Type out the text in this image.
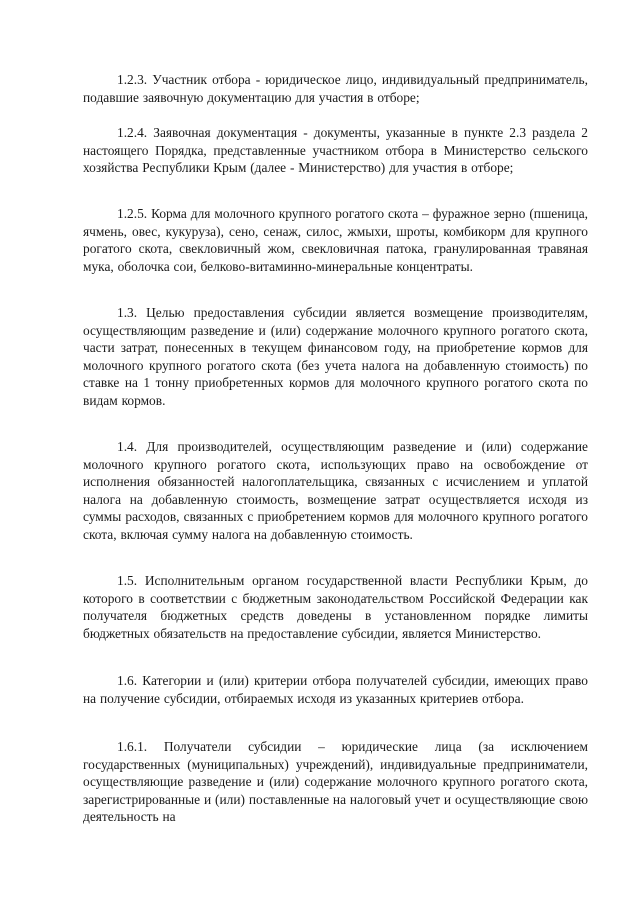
1.2.3. Участник отбора - юридическое лицо, индивидуальный предприниматель, подавшие заявочную документацию для участия в отборе;

1.2.4. Заявочная документация - документы, указанные в пункте 2.3 раздела 2 настоящего Порядка, представленные участником отбора в Министерство сельского хозяйства Республики Крым (далее - Министерство) для участия в отборе;

1.2.5. Корма для молочного крупного рогатого скота – фуражное зерно (пшеница, ячмень, овес, кукуруза), сено, сенаж, силос, жмыхи, шроты, комбикорм для крупного рогатого скота, свекловичный жом, свекловичная патока, гранулированная травяная мука, оболочка сои, белково-витаминно-минеральные концентраты.

1.3. Целью предоставления субсидии является возмещение производителям, осуществляющим разведение и (или) содержание молочного крупного рогатого скота, части затрат, понесенных в текущем финансовом году, на приобретение кормов для молочного крупного рогатого скота (без учета налога на добавленную стоимость) по ставке на 1 тонну приобретенных кормов для молочного крупного рогатого скота по видам кормов.

1.4. Для производителей, осуществляющим разведение и (или) содержание молочного крупного рогатого скота, использующих право на освобождение от исполнения обязанностей налогоплательщика, связанных с исчислением и уплатой налога на добавленную стоимость, возмещение затрат осуществляется исходя из суммы расходов, связанных с приобретением кормов для молочного крупного рогатого скота, включая сумму налога на добавленную стоимость.

1.5. Исполнительным органом государственной власти Республики Крым, до которого в соответствии с бюджетным законодательством Российской Федерации как получателя бюджетных средств доведены в установленном порядке лимиты бюджетных обязательств на предоставление субсидии, является Министерство.

1.6. Категории и (или) критерии отбора получателей субсидии, имеющих право на получение субсидии, отбираемых исходя из указанных критериев отбора.

1.6.1. Получатели субсидии – юридические лица (за исключением государственных (муниципальных) учреждений), индивидуальные предприниматели, осуществляющие разведение и (или) содержание молочного крупного рогатого скота, зарегистрированные и (или) поставленные на налоговый учет и осуществляющие свою деятельность на
